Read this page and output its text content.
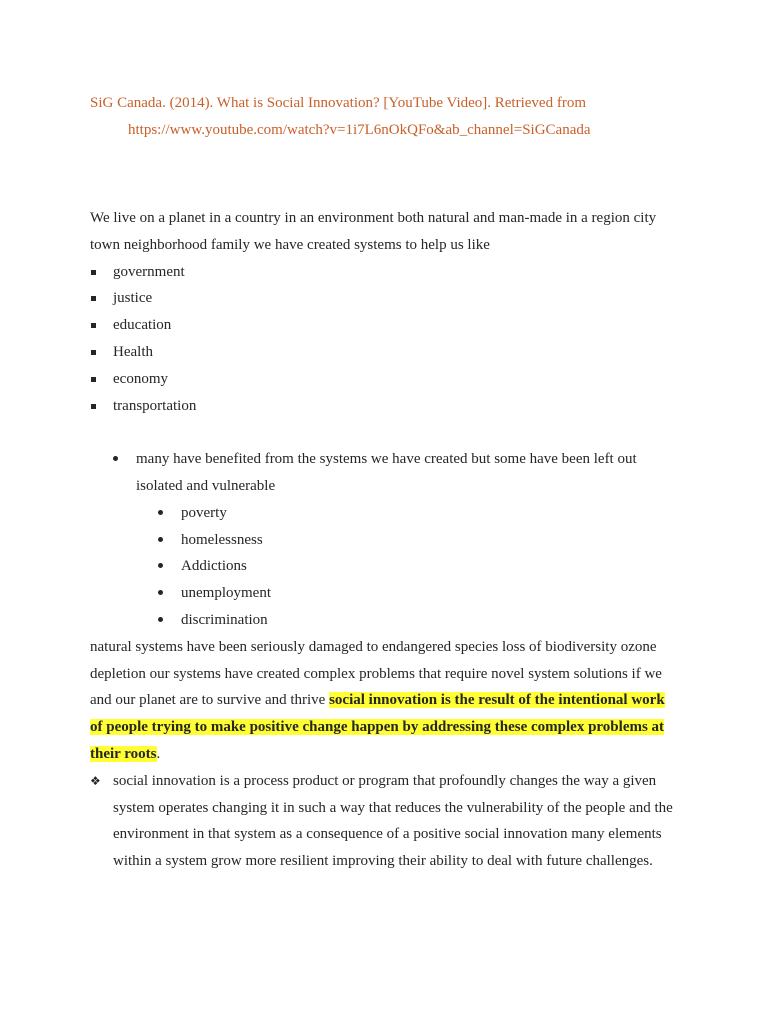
SiG Canada. (2014). What is Social Innovation? [YouTube Video]. Retrieved from
https://www.youtube.com/watch?v=1i7L6nOkQFo&ab_channel=SiGCanada

We live on a planet in a country in an environment both natural and man-made in a region city town neighborhood family we have created systems to help us like

government
justice
education
Health
economy
transportation
many have benefited from the systems we have created but some have been left out isolated and vulnerable
poverty
homelessness
Addictions
unemployment
discrimination

natural systems have been seriously damaged to endangered species loss of biodiversity ozone depletion our systems have created complex problems that require novel system solutions if we and our planet are to survive and thrive social innovation is the result of the intentional work of people trying to make positive change happen by addressing these complex problems at their roots.

❖ social innovation is a process product or program that profoundly changes the way a given system operates changing it in such a way that reduces the vulnerability of the people and the environment in that system as a consequence of a positive social innovation many elements within a system grow more resilient improving their ability to deal with future challenges.
